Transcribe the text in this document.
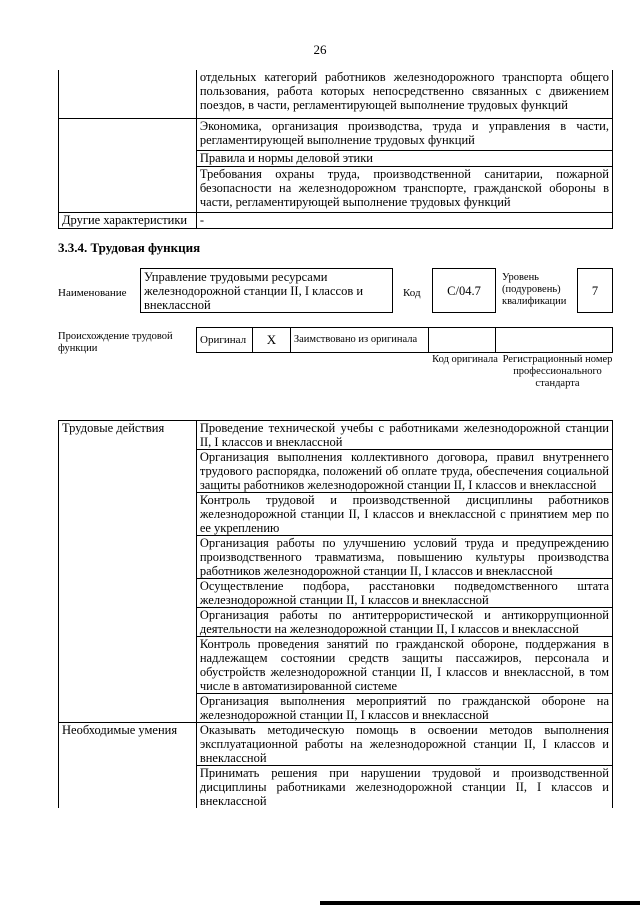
26
	отдельных категорий работников железнодорожного транспорта общего пользования, работа которых непосредственно связанных с движением поездов, в части, регламентирующей выполнение трудовых функций
	Экономика, организация производства, труда и управления в части, регламентирующей выполнение трудовых функций
	Правила и нормы деловой этики
	Требования охраны труда, производственной санитарии, пожарной безопасности на железнодорожном транспорте, гражданской обороны в части, регламентирующей выполнение трудовых функций
Другие характеристики	-
3.3.4. Трудовая функция
Наименование
Управление трудовыми ресурсами железнодорожной станции II, I классов и внеклассной
Код C/04.7
Уровень (подуровень) квалификации
7
Происхождение трудовой функции
Оригинал	X	Заимствовано из оригинала		
Код оригинала Регистрационный номер профессионального стандарта
Трудовые действия	Проведение технической учебы с работниками железнодорожной станции II, I классов и внеклассной
	Организация выполнения коллективного договора, правил внутреннего трудового распорядка, положений об оплате труда, обеспечения социальной защиты работников железнодорожной станции II, I классов и внеклассной
	Контроль трудовой и производственной дисциплины работников железнодорожной станции II, I классов и внеклассной с принятием мер по ее укреплению
	Организация работы по улучшению условий труда и предупреждению производственного травматизма, повышению культуры производства работников железнодорожной станции II, I классов и внеклассной
	Осуществление подбора, расстановки подведомственного штата железнодорожной станции II, I классов и внеклассной
	Организация работы по антитеррористической и антикоррупционной деятельности на железнодорожной станции II, I классов и внеклассной
	Контроль проведения занятий по гражданской обороне, поддержания в надлежащем состоянии средств защиты пассажиров, персонала и обустройств железнодорожной станции II, I классов и внеклассной, в том числе в автоматизированной системе
	Организация выполнения мероприятий по гражданской обороне на железнодорожной станции II, I классов и внеклассной
Необходимые умения	Оказывать методическую помощь в освоении методов выполнения эксплуатационной работы на железнодорожной станции II, I классов и внеклассной
	Принимать решения при нарушении трудовой и производственной дисциплины работниками железнодорожной станции II, I классов и внеклассной
